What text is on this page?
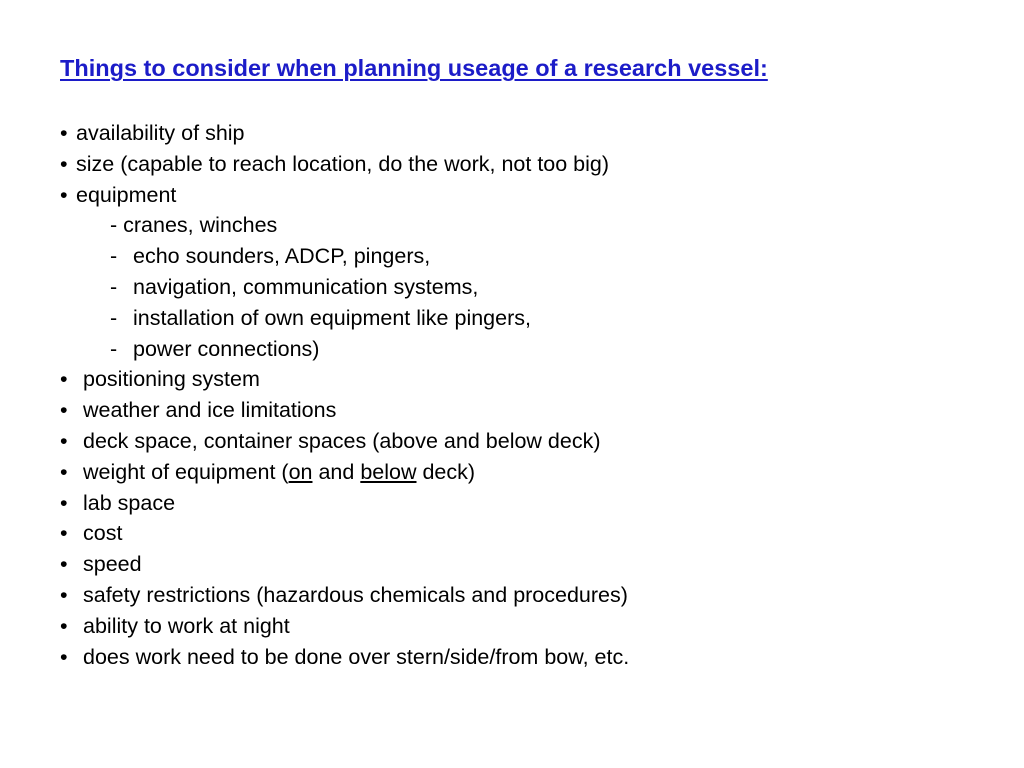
Things to consider when planning useage of a research vessel:
• availability of ship
• size (capable to reach location, do the work, not too big)
• equipment
- cranes, winches
- echo sounders, ADCP, pingers,
- navigation, communication systems,
- installation of own equipment like pingers,
- power connections)
• positioning system
• weather and ice limitations
• deck space, container spaces (above and below deck)
• weight of equipment (on and below deck)
• lab space
• cost
• speed
• safety restrictions (hazardous chemicals and procedures)
• ability to work at night
• does work need to be done over stern/side/from bow, etc.
